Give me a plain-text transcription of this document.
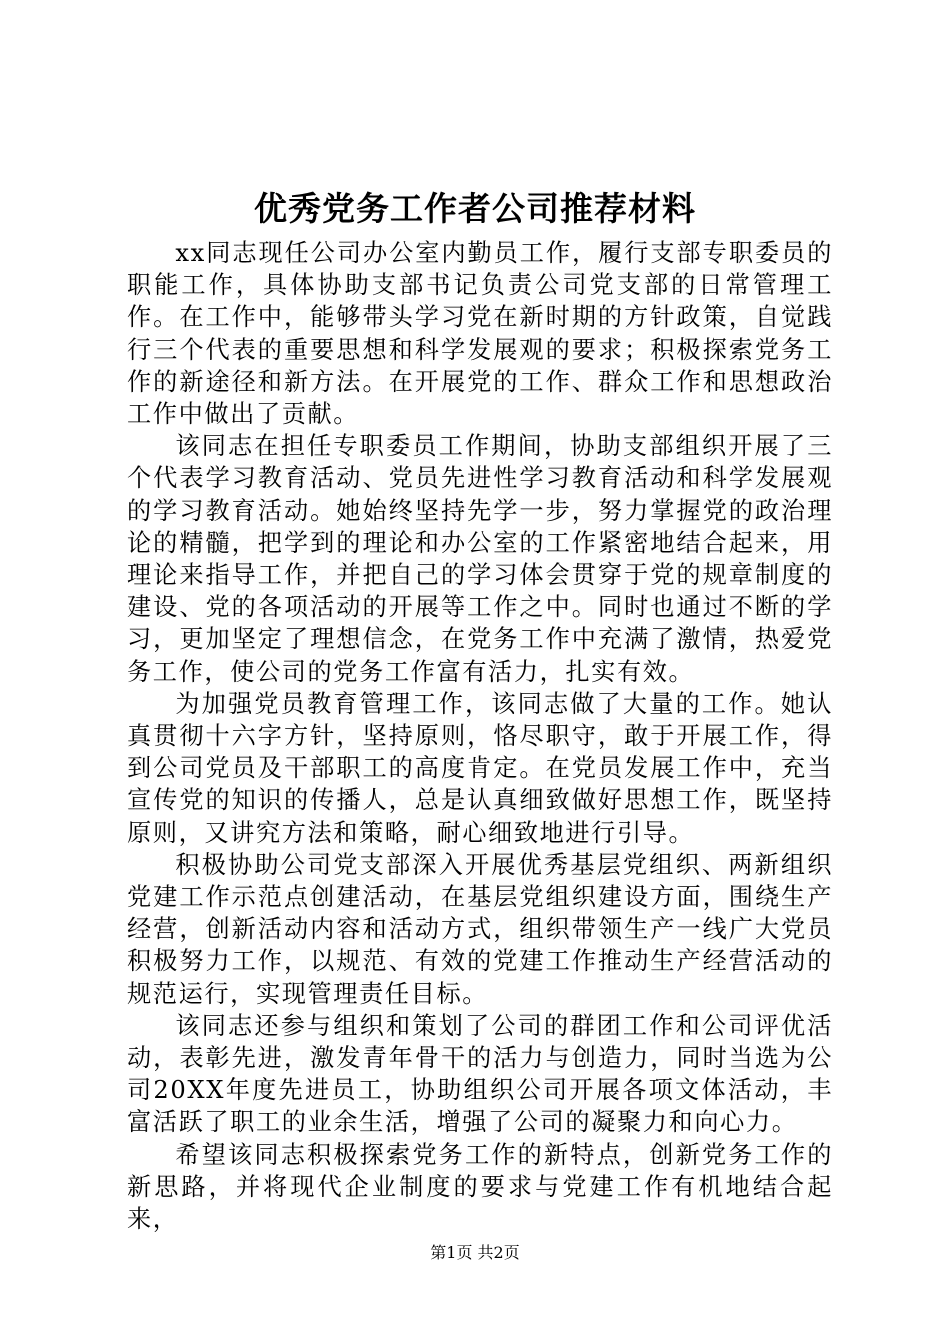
优秀党务工作者公司推荐材料

xx同志现任公司办公室内勤员工作，履行支部专职委员的职能工作，具体协助支部书记负责公司党支部的日常管理工作。在工作中，能够带头学习党在新时期的方针政策，自觉践行三个代表的重要思想和科学发展观的要求；积极探索党务工作的新途径和新方法。在开展党的工作、群众工作和思想政治工作中做出了贡献。

该同志在担任专职委员工作期间，协助支部组织开展了三个代表学习教育活动、党员先进性学习教育活动和科学发展观的学习教育活动。她始终坚持先学一步，努力掌握党的政治理论的精髓，把学到的理论和办公室的工作紧密地结合起来，用理论来指导工作，并把自己的学习体会贯穿于党的规章制度的建设、党的各项活动的开展等工作之中。同时也通过不断的学习，更加坚定了理想信念，在党务工作中充满了激情，热爱党务工作，使公司的党务工作富有活力，扎实有效。

为加强党员教育管理工作，该同志做了大量的工作。她认真贯彻十六字方针，坚持原则，恪尽职守，敢于开展工作，得到公司党员及干部职工的高度肯定。在党员发展工作中，充当宣传党的知识的传播人，总是认真细致做好思想工作，既坚持原则，又讲究方法和策略，耐心细致地进行引导。

积极协助公司党支部深入开展优秀基层党组织、两新组织党建工作示范点创建活动，在基层党组织建设方面，围绕生产经营，创新活动内容和活动方式，组织带领生产一线广大党员积极努力工作，以规范、有效的党建工作推动生产经营活动的规范运行，实现管理责任目标。

该同志还参与组织和策划了公司的群团工作和公司评优活动，表彰先进，激发青年骨干的活力与创造力，同时当选为公司20XX年度先进员工，协助组织公司开展各项文体活动，丰富活跃了职工的业余生活，增强了公司的凝聚力和向心力。

希望该同志积极探索党务工作的新特点，创新党务工作的新思路，并将现代企业制度的要求与党建工作有机地结合起来，

第1页 共2页
